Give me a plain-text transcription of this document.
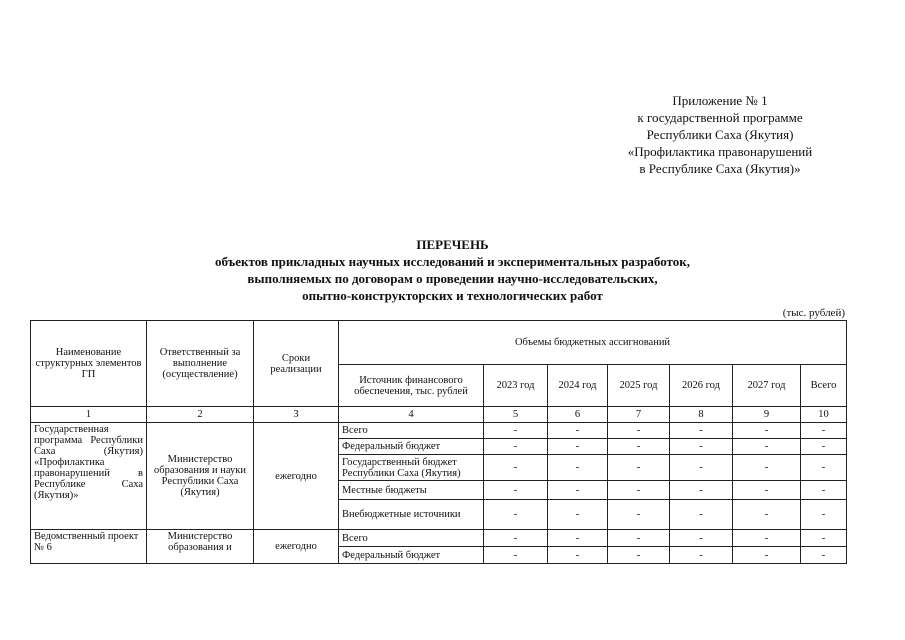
Приложение № 1
к государственной программе
Республики Саха (Якутия)
«Профилактика правонарушений
в Республике Саха (Якутия)»
ПЕРЕЧЕНЬ
объектов прикладных научных исследований и экспериментальных разработок,
выполняемых по договорам о проведении научно-исследовательских,
опытно-конструкторских и технологических работ
(тыс. рублей)
Наименование структурных элементов ГП	Ответственный за выполнение (осуществление)	Сроки реализации	Объемы бюджетных ассигнований						
			Источник финансового обеспечения, тыс. рублей	2023 год	2024 год	2025 год	2026 год	2027 год	Всего
1	2	3	4	5	6	7	8	9	10
Государственная программа Республики Саха (Якутия) «Профилактика правонарушений в Республике Саха (Якутия)»	Министерство образования и науки Республики Саха (Якутия)	ежегодно	Всего	-	-	-	-	-	-
			Федеральный бюджет	-	-	-	-	-	-
			Государственный бюджет Республики Саха (Якутия)	-	-	-	-	-	-
			Местные бюджеты	-	-	-	-	-	-
			Внебюджетные источники	-	-	-	-	-	-
Ведомственный проект № 6	Министерство образования и	ежегодно	Всего	-	-	-	-	-	-
			Федеральный бюджет	-	-	-	-	-	-
